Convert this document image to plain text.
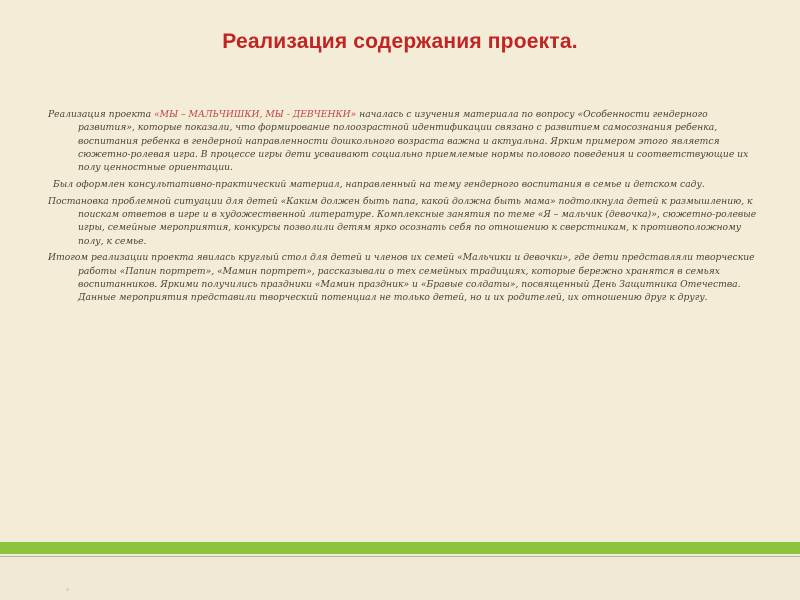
Реализация содержания проекта.

Реализация проекта «МЫ – МАЛЬЧИШКИ, МЫ - ДЕВЧЕНКИ» началась с изучения материала по вопросу «Особенности гендерного развития», которые показали, что формирование полоозрастной идентификации связано с развитием самосознания ребенка, воспитания ребенка в гендерной направленности дошкольного возраста важна и актуальна. Ярким примером этого является сюжетно-ролевая игра. В процессе игры дети усваивают социально приемлемые нормы полового поведения и соответствующие их полу ценностные ориентации.

Был оформлен консультативно-практический материал, направленный на тему гендерного воспитания в семье и детском саду.

Постановка проблемной ситуации для детей «Каким должен быть папа, какой должна быть мама» подтолкнула детей к размышлению, к поискам ответов в игре и в художественной литературе. Комплексные занятия по теме «Я – мальчик (девочка)», сюжетно-ролевые игры, семейные мероприятия, конкурсы позволили детям ярко осознать себя по отношению к сверстникам, к противоположному полу, к семье.

Итогом реализации проекта явилась круглый стол для детей и членов их семей «Мальчики и девочки», где дети представляли творческие работы «Папин портрет», «Мамин портрет», рассказывали о тех семейных традициях, которые бережно хранятся в семьях воспитанников. Яркими получились праздники «Мамин праздник» и «Бравые солдаты», посвященный День Защитника Отечества. Данные мероприятия представили творческий потенциал не только детей, но и их родителей, их отношению друг к другу.
